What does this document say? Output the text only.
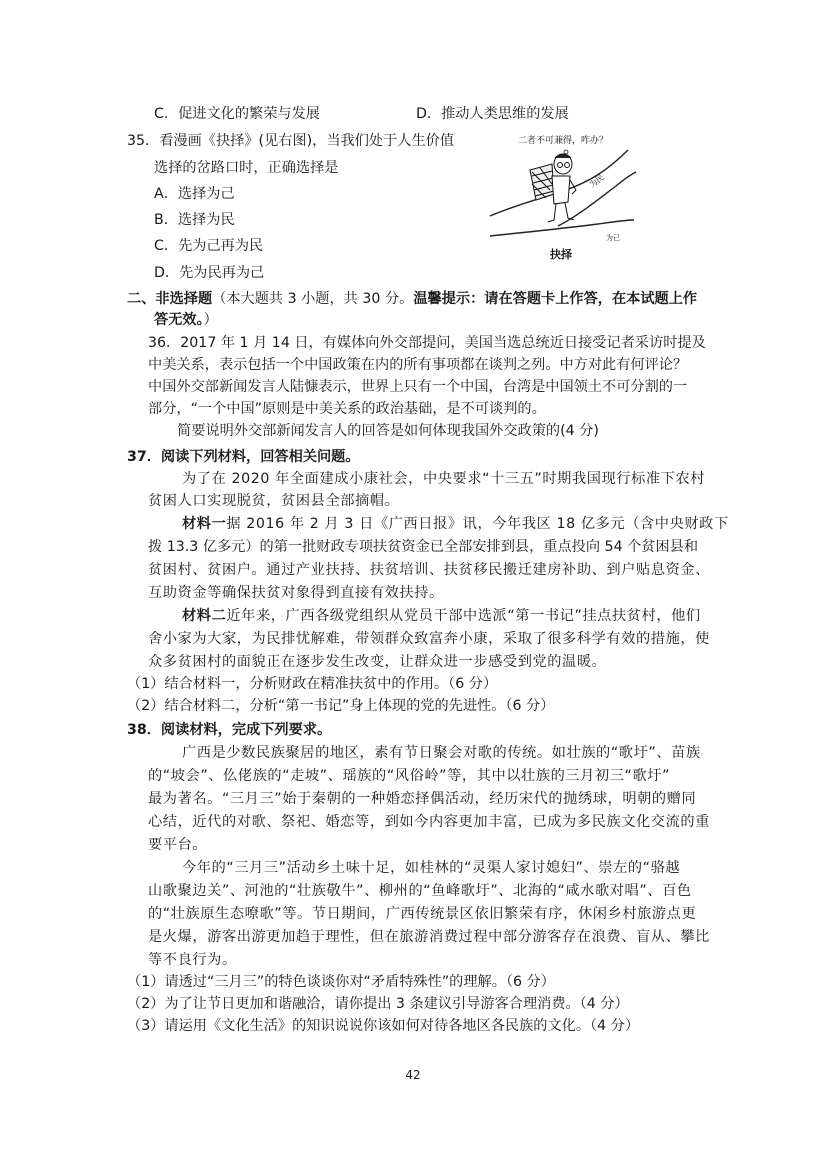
C．促进文化的繁荣与发展	D．推动人类思维的发展
35．看漫画《抉择》(见右图)，当我们处于人生价值
选择的岔路口时，正确选择是
A．选择为己
B．选择为民
C．先为己再为民
D．先为民再为己
二者不可兼得，咋办？
为民
为己
抉择
二、非选择题（本大题共 3 小题，共 30 分。温馨提示：请在答题卡上作答，在本试题上作
答无效。）
36．2017 年 1 月 14 日，有媒体向外交部提问，美国当选总统近日接受记者采访时提及
中美关系，表示包括一个中国政策在内的所有事项都在谈判之列。中方对此有何评论？
中国外交部新闻发言人陆慷表示，世界上只有一个中国，台湾是中国领土不可分割的一
部分，“一个中国”原则是中美关系的政治基础，是不可谈判的。
简要说明外交部新闻发言人的回答是如何体现我国外交政策的(4 分)
37．阅读下列材料，回答相关问题。
为了在 2020 年全面建成小康社会，中央要求“十三五”时期我国现行标准下农村
贫困人口实现脱贫，贫困县全部摘帽。
材料一据 2016 年 2 月 3 日《广西日报》讯，今年我区 18 亿多元（含中央财政下
拨 13.3 亿多元）的第一批财政专项扶贫资金已全部安排到县，重点投向 54 个贫困县和
贫困村、贫困户。通过产业扶持、扶贫培训、扶贫移民搬迁建房补助、到户贴息资金、
互助资金等确保扶贫对象得到直接有效扶持。
材料二近年来，广西各级党组织从党员干部中选派“第一书记”挂点扶贫村，他们
舍小家为大家，为民排忧解难，带领群众致富奔小康，采取了很多科学有效的措施，使
众多贫困村的面貌正在逐步发生改变，让群众进一步感受到党的温暖。
（1）结合材料一，分析财政在精准扶贫中的作用。（6 分）
（2）结合材料二，分析“第一书记”身上体现的党的先进性。（6 分）
38．阅读材料，完成下列要求。
广西是少数民族聚居的地区，素有节日聚会对歌的传统。如壮族的“歌圩”、苗族
的“坡会”、仫佬族的“走坡”、瑶族的“风俗岭”等，其中以壮族的三月初三“歌圩”
最为著名。“三月三”始于秦朝的一种婚恋择偶活动，经历宋代的抛绣球，明朝的赠同
心结，近代的对歌、祭祀、婚恋等，到如今内容更加丰富，已成为多民族文化交流的重
要平台。
今年的“三月三”活动乡土味十足，如桂林的“灵渠人家讨媳妇”、崇左的“骆越
山歌聚边关”、河池的“壮族敬牛”、柳州的“鱼峰歌圩”、北海的“咸水歌对唱”、百色
的“壮族原生态嘹歌”等。节日期间，广西传统景区依旧繁荣有序，休闲乡村旅游点更
是火爆，游客出游更加趋于理性，但在旅游消费过程中部分游客存在浪费、盲从、攀比
等不良行为。
（1）请透过“三月三”的特色谈谈你对“矛盾特殊性”的理解。（6 分）
（2）为了让节日更加和谐融洽，请你提出 3 条建议引导游客合理消费。（4 分）
（3）请运用《文化生活》的知识说说你该如何对待各地区各民族的文化。（4 分）
42
